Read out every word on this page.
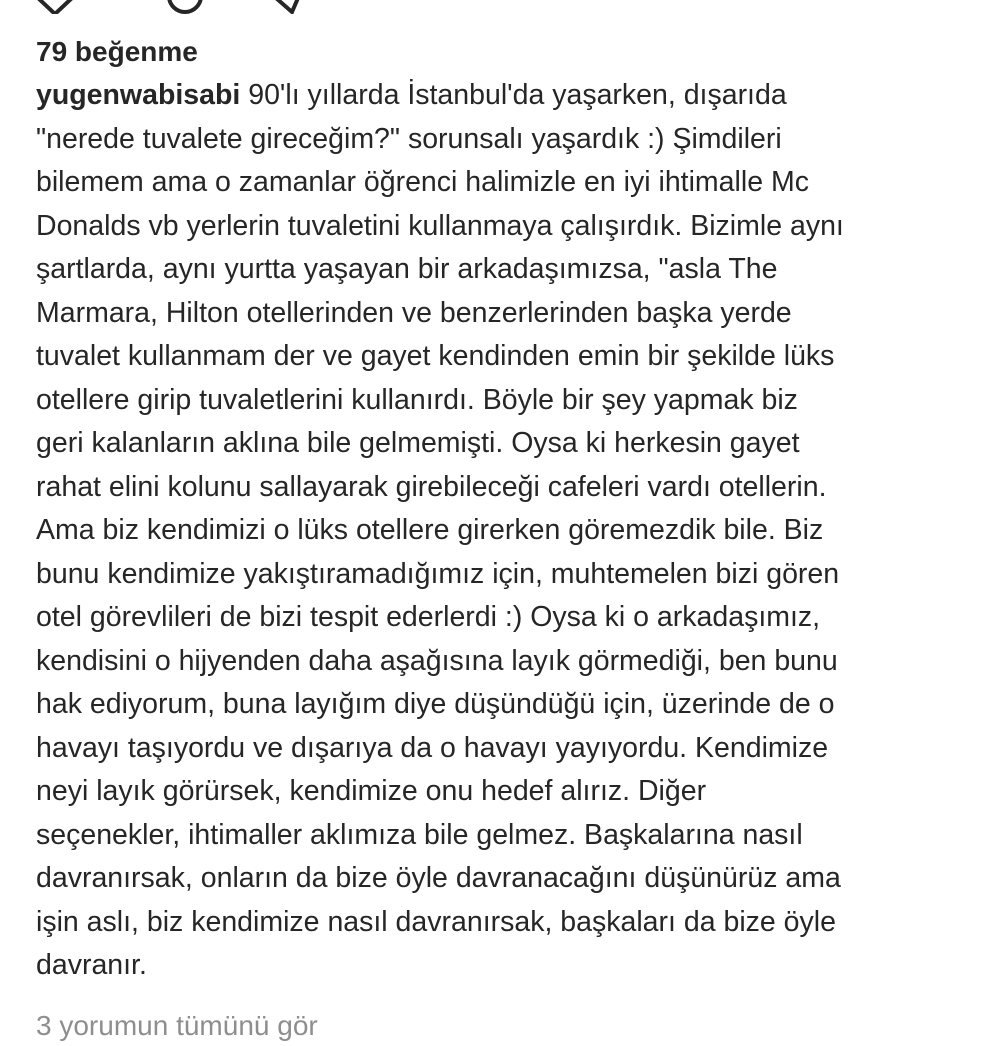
79 beğenme

yugenwabisabi 90'lı yıllarda İstanbul'da yaşarken, dışarıda

"nerede tuvalete gireceğim?" sorunsalı yaşardık :) Şimdileri

bilemem ama o zamanlar öğrenci halimizle en iyi ihtimalle Mc

Donalds vb yerlerin tuvaletini kullanmaya çalışırdık. Bizimle aynı

şartlarda, aynı yurtta yaşayan bir arkadaşımızsa, "asla The

Marmara, Hilton otellerinden ve benzerlerinden başka yerde

tuvalet kullanmam der ve gayet kendinden emin bir şekilde lüks

otellere girip tuvaletlerini kullanırdı. Böyle bir şey yapmak biz

geri kalanların aklına bile gelmemişti. Oysa ki herkesin gayet

rahat elini kolunu sallayarak girebileceği cafeleri vardı otellerin.

Ama biz kendimizi o lüks otellere girerken göremezdik bile. Biz

bunu kendimize yakıştıramadığımız için, muhtemelen bizi gören

otel görevlileri de bizi tespit ederlerdi :) Oysa ki o arkadaşımız,

kendisini o hijyenden daha aşağısına layık görmediği, ben bunu

hak ediyorum, buna layığım diye düşündüğü için, üzerinde de o

havayı taşıyordu ve dışarıya da o havayı yayıyordu. Kendimize

neyi layık görürsek, kendimize onu hedef alırız. Diğer

seçenekler, ihtimaller aklımıza bile gelmez. Başkalarına nasıl

davranırsak, onların da bize öyle davranacağını düşünürüz ama

işin aslı, biz kendimize nasıl davranırsak, başkaları da bize öyle

davranır.

3 yorumun tümünü gör
